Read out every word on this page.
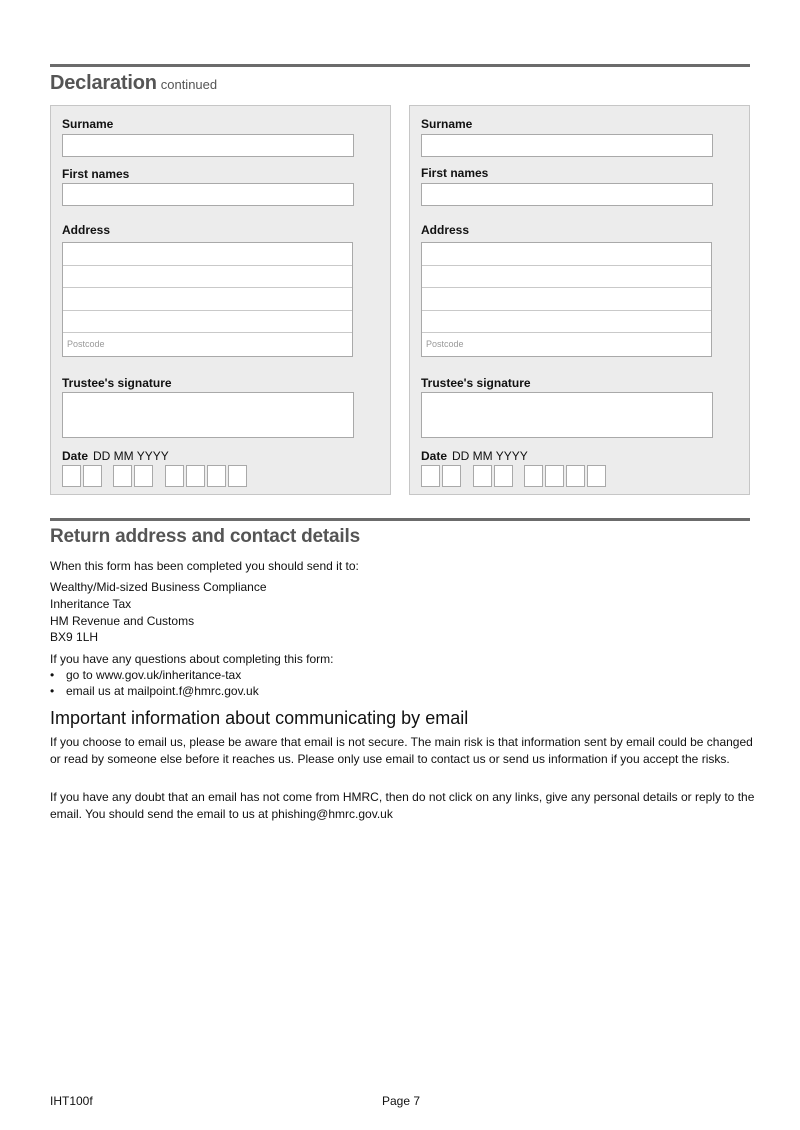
Declaration continued
Surname
First names
Address
Postcode
Trustee's signature
Date DD MM YYYY
Surname
First names
Address
Postcode
Trustee's signature
Date DD MM YYYY
Return address and contact details
When this form has been completed you should send it to:
Wealthy/Mid-sized Business Compliance
Inheritance Tax
HM Revenue and Customs
BX9 1LH
If you have any questions about completing this form:
• go to www.gov.uk/inheritance-tax
• email us at mailpoint.f@hmrc.gov.uk
Important information about communicating by email
If you choose to email us, please be aware that email is not secure. The main risk is that information sent by email could be changed or read by someone else before it reaches us. Please only use email to contact us or send us information if you accept the risks.
If you have any doubt that an email has not come from HMRC, then do not click on any links, give any personal details or reply to the email. You should send the email to us at phishing@hmrc.gov.uk
IHT100f	Page 7
